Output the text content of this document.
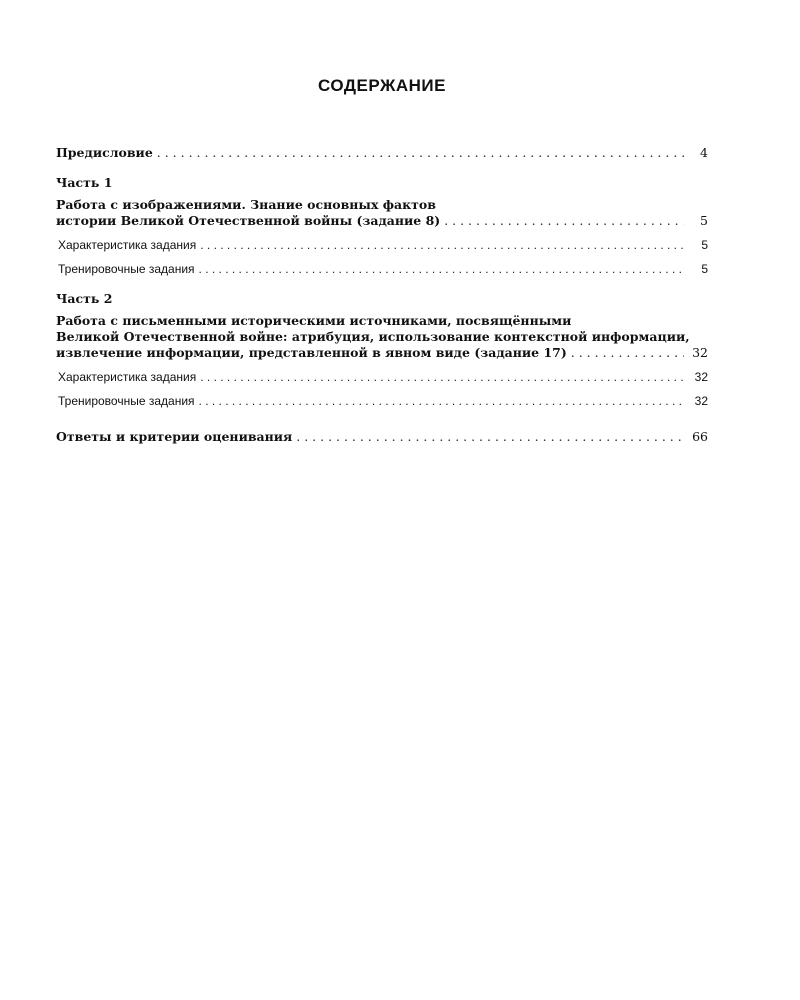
СОДЕРЖАНИЕ
Предисловие . . .	4
Часть 1
Работа с изображениями. Знание основных фактов
истории Великой Отечественной войны (задание 8) . . .	5
Характеристика задания . . .	5
Тренировочные задания . . .	5
Часть 2
Работа с письменными историческими источниками, посвящёнными
Великой Отечественной войне: атрибуция, использование контекстной информации,
извлечение информации, представленной в явном виде (задание 17) . . .	32
Характеристика задания . . .	32
Тренировочные задания . . .	32
Ответы и критерии оценивания . . .	66
